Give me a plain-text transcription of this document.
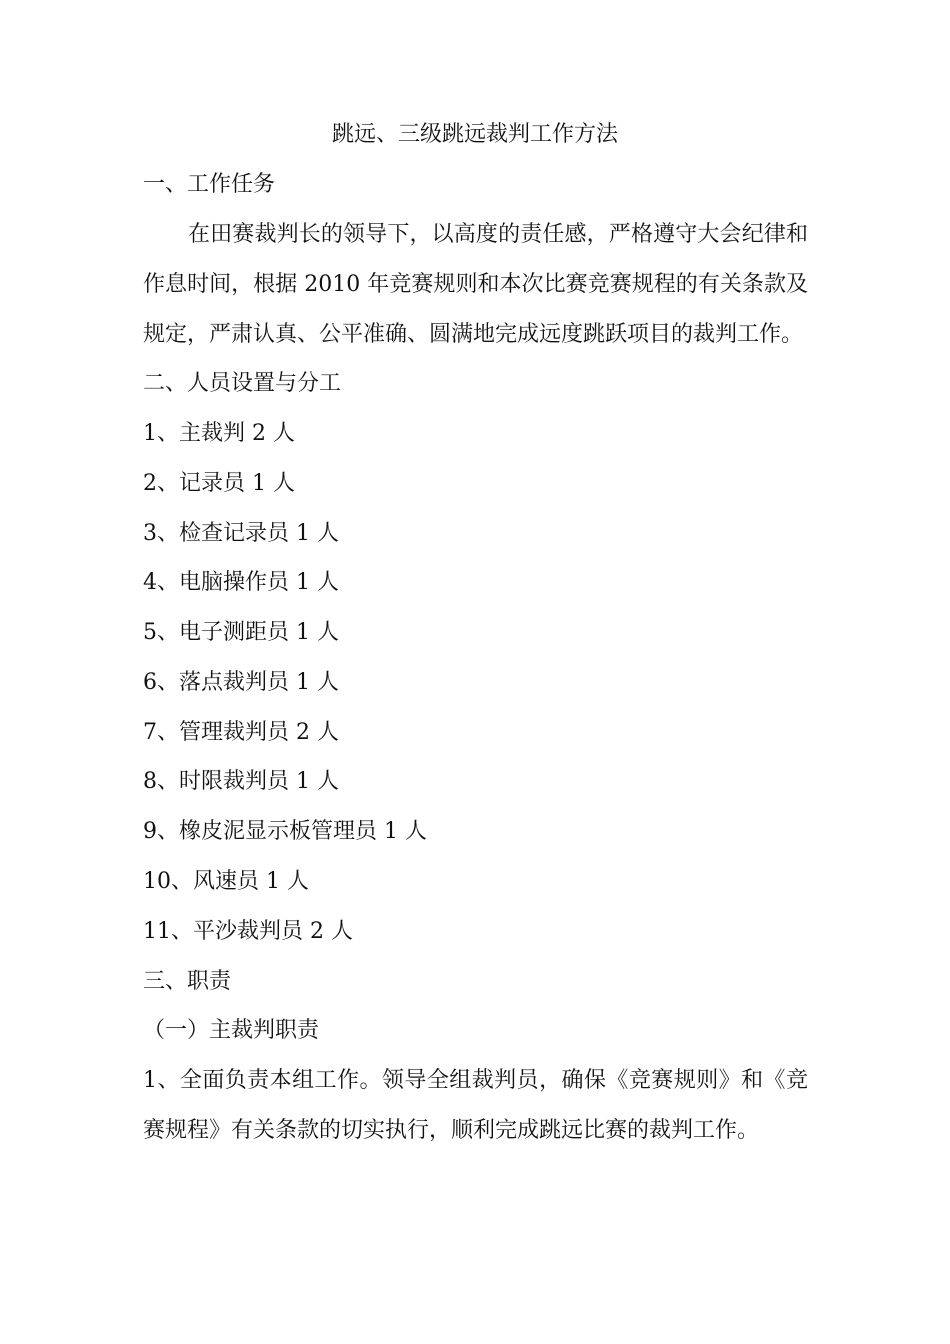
跳远、三级跳远裁判工作方法
一、工作任务
在田赛裁判长的领导下，以高度的责任感，严格遵守大会纪律和
作息时间，根据 2010 年竞赛规则和本次比赛竞赛规程的有关条款及
规定，严肃认真、公平准确、圆满地完成远度跳跃项目的裁判工作。
二、人员设置与分工
1、主裁判 2 人
2、记录员 1 人
3、检查记录员 1 人
4、电脑操作员 1 人
5、电子测距员 1 人
6、落点裁判员 1 人
7、管理裁判员 2 人
8、时限裁判员 1 人
9、橡皮泥显示板管理员 1 人
10、风速员 1 人
11、平沙裁判员 2 人
三、职责
（一）主裁判职责
1、全面负责本组工作。领导全组裁判员，确保《竞赛规则》和《竞
赛规程》有关条款的切实执行，顺利完成跳远比赛的裁判工作。
